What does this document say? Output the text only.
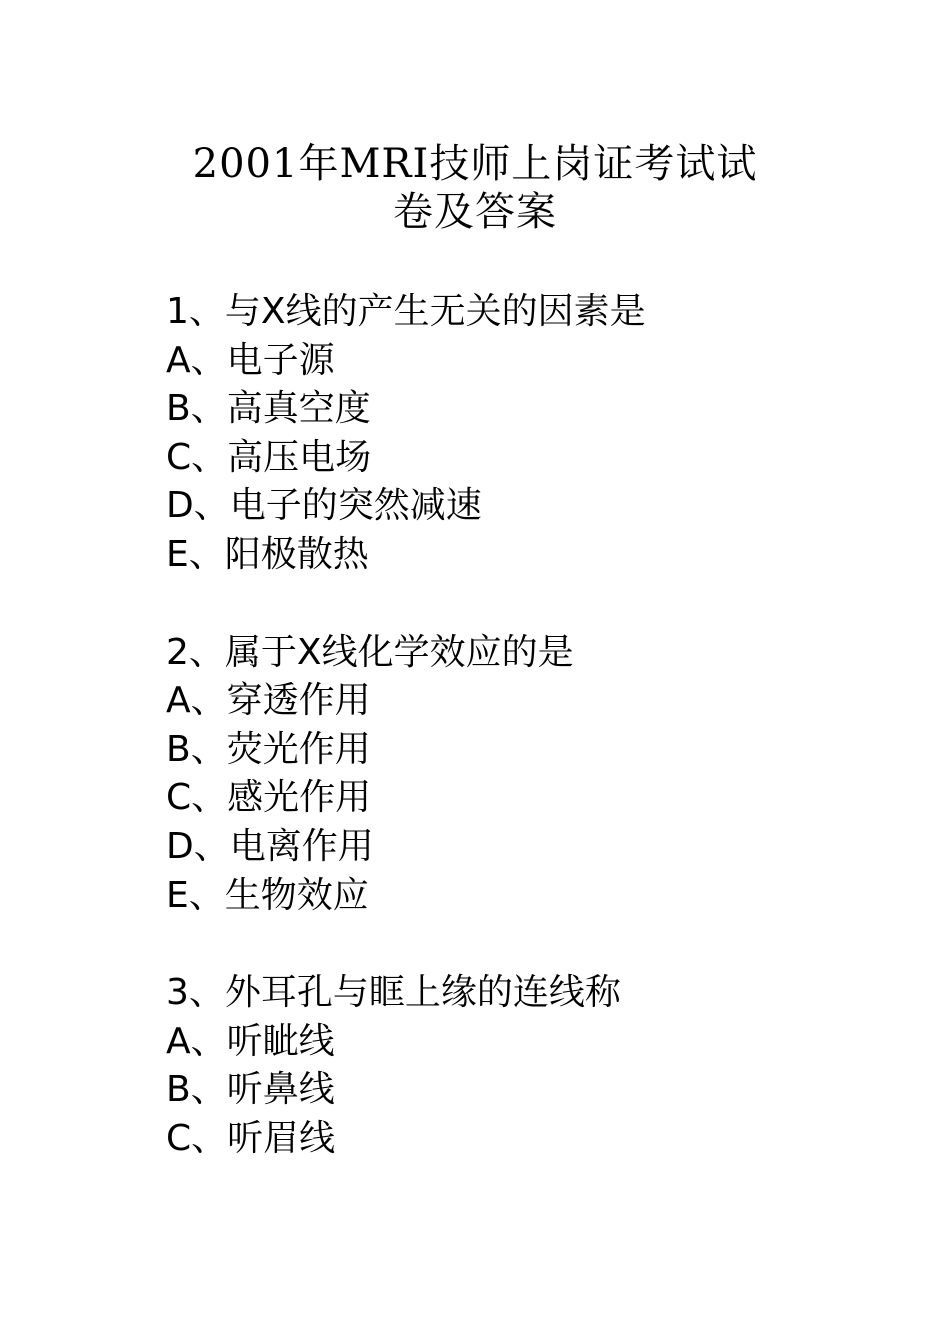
2001年MRI技师上岗证考试试
卷及答案
1、与X线的产生无关的因素是
A、电子源
B、高真空度
C、高压电场
D、电子的突然减速
E、阳极散热
2、属于X线化学效应的是
A、穿透作用
B、荧光作用
C、感光作用
D、电离作用
E、生物效应
3、外耳孔与眶上缘的连线称
A、听眦线
B、听鼻线
C、听眉线
